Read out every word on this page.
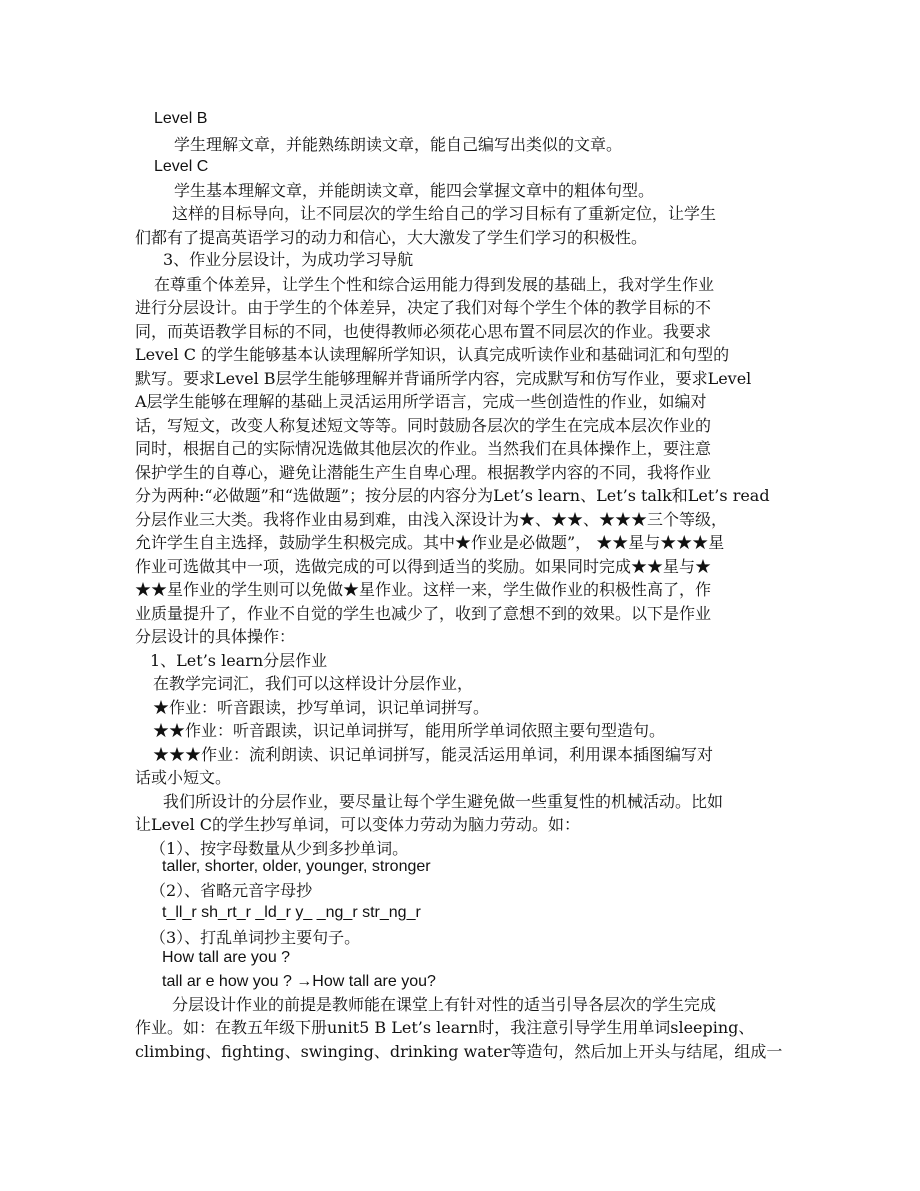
Level B
学生理解文章，并能熟练朗读文章，能自己编写出类似的文章。
Level C
学生基本理解文章，并能朗读文章，能四会掌握文章中的粗体句型。
这样的目标导向，让不同层次的学生给自己的学习目标有了重新定位，让学生
们都有了提高英语学习的动力和信心，大大激发了学生们学习的积极性。
3、作业分层设计，为成功学习导航
在尊重个体差异，让学生个性和综合运用能力得到发展的基础上，我对学生作业
进行分层设计。由于学生的个体差异，决定了我们对每个学生个体的教学目标的不
同，而英语教学目标的不同，也使得教师必须花心思布置不同层次的作业。我要求
Level C 的学生能够基本认读理解所学知识，认真完成听读作业和基础词汇和句型的
默写。要求Level B层学生能够理解并背诵所学内容，完成默写和仿写作业，要求Level
A层学生能够在理解的基础上灵活运用所学语言，完成一些创造性的作业，如编对
话，写短文，改变人称复述短文等等。同时鼓励各层次的学生在完成本层次作业的
同时，根据自己的实际情况选做其他层次的作业。当然我们在具体操作上，要注意
保护学生的自尊心，避免让潜能生产生自卑心理。根据教学内容的不同，我将作业
分为两种:“必做题”和“选做题”；按分层的内容分为Let’s learn、Let’s talk和Let’s read
分层作业三大类。我将作业由易到难，由浅入深设计为★、★★、★★★三个等级，
允许学生自主选择，鼓励学生积极完成。其中★作业是必做题”， ★★星与★★★星
作业可选做其中一项，选做完成的可以得到适当的奖励。如果同时完成★★星与★
★★星作业的学生则可以免做★星作业。这样一来，学生做作业的积极性高了，作
业质量提升了，作业不自觉的学生也减少了，收到了意想不到的效果。以下是作业
分层设计的具体操作：
1、Let’s learn分层作业
在教学完词汇，我们可以这样设计分层作业，
★作业：听音跟读，抄写单词，识记单词拼写。
★★作业：听音跟读，识记单词拼写，能用所学单词依照主要句型造句。
★★★作业：流利朗读、识记单词拼写，能灵活运用单词，利用课本插图编写对
话或小短文。
我们所设计的分层作业，要尽量让每个学生避免做一些重复性的机械活动。比如
让Level C的学生抄写单词，可以变体力劳动为脑力劳动。如：
（1）、按字母数量从少到多抄单词。
taller, shorter, older, younger, stronger
（2）、省略元音字母抄
t_ll_r sh_rt_r _ld_r y_ _ng_r str_ng_r
（3）、打乱单词抄主要句子。
How tall are you ?
tall ar e how you ? →How tall are you?
分层设计作业的前提是教师能在课堂上有针对性的适当引导各层次的学生完成
作业。如：在教五年级下册unit5 B Let’s learn时，我注意引导学生用单词sleeping、
climbing、fighting、swinging、drinking water等造句，然后加上开头与结尾，组成一
